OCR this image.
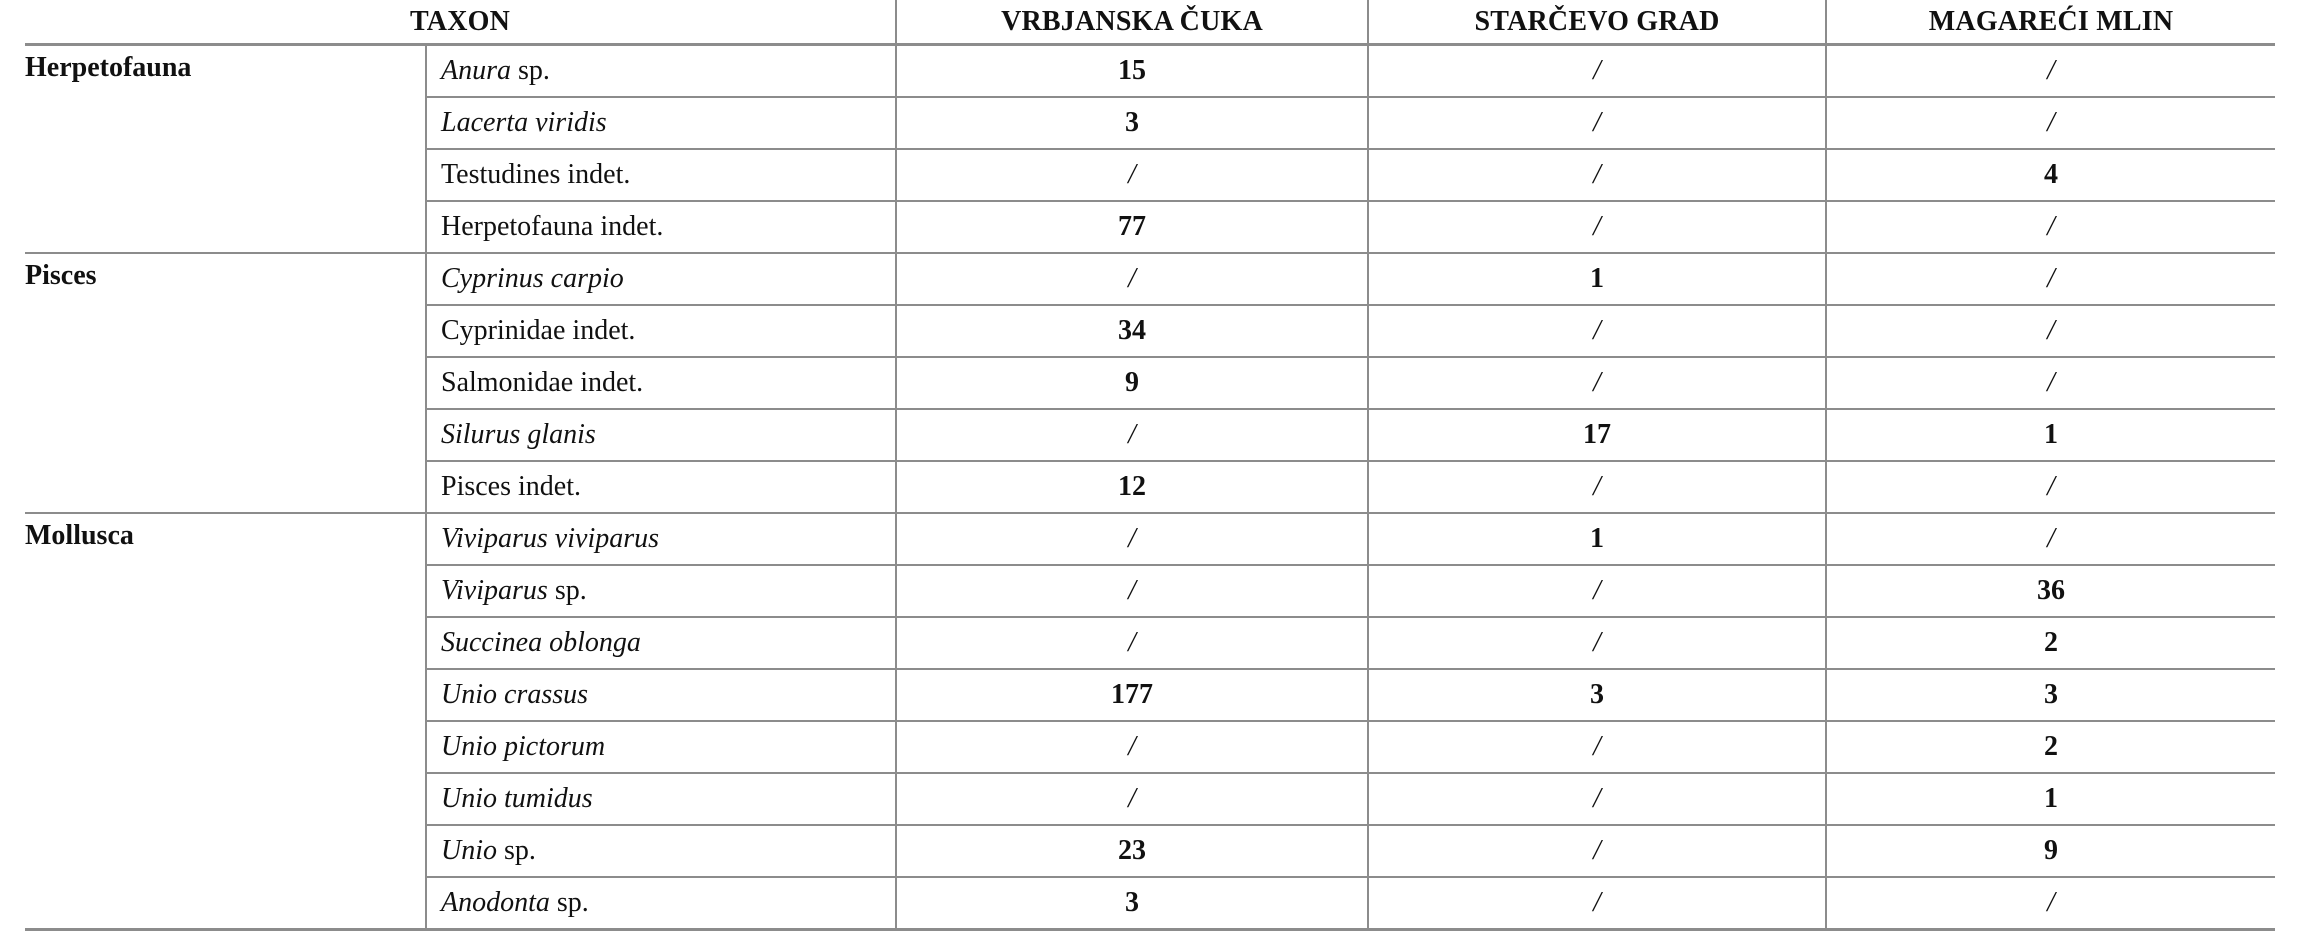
TAXON		VRBJANSKA ČUKA	STARČEVO GRAD	MAGAREĆI MLIN
Herpetofauna	Anura sp.	15	/	/
	Lacerta viridis	3	/	/
	Testudines indet.	/	/	4
	Herpetofauna indet.	77	/	/
Pisces	Cyprinus carpio	/	1	/
	Cyprinidae indet.	34	/	/
	Salmonidae indet.	9	/	/
	Silurus glanis	/	17	1
	Pisces indet.	12	/	/
Mollusca	Viviparus viviparus	/	1	/
	Viviparus sp.	/	/	36
	Succinea oblonga	/	/	2
	Unio crassus	177	3	3
	Unio pictorum	/	/	2
	Unio tumidus	/	/	1
	Unio sp.	23	/	9
	Anodonta sp.	3	/	/
